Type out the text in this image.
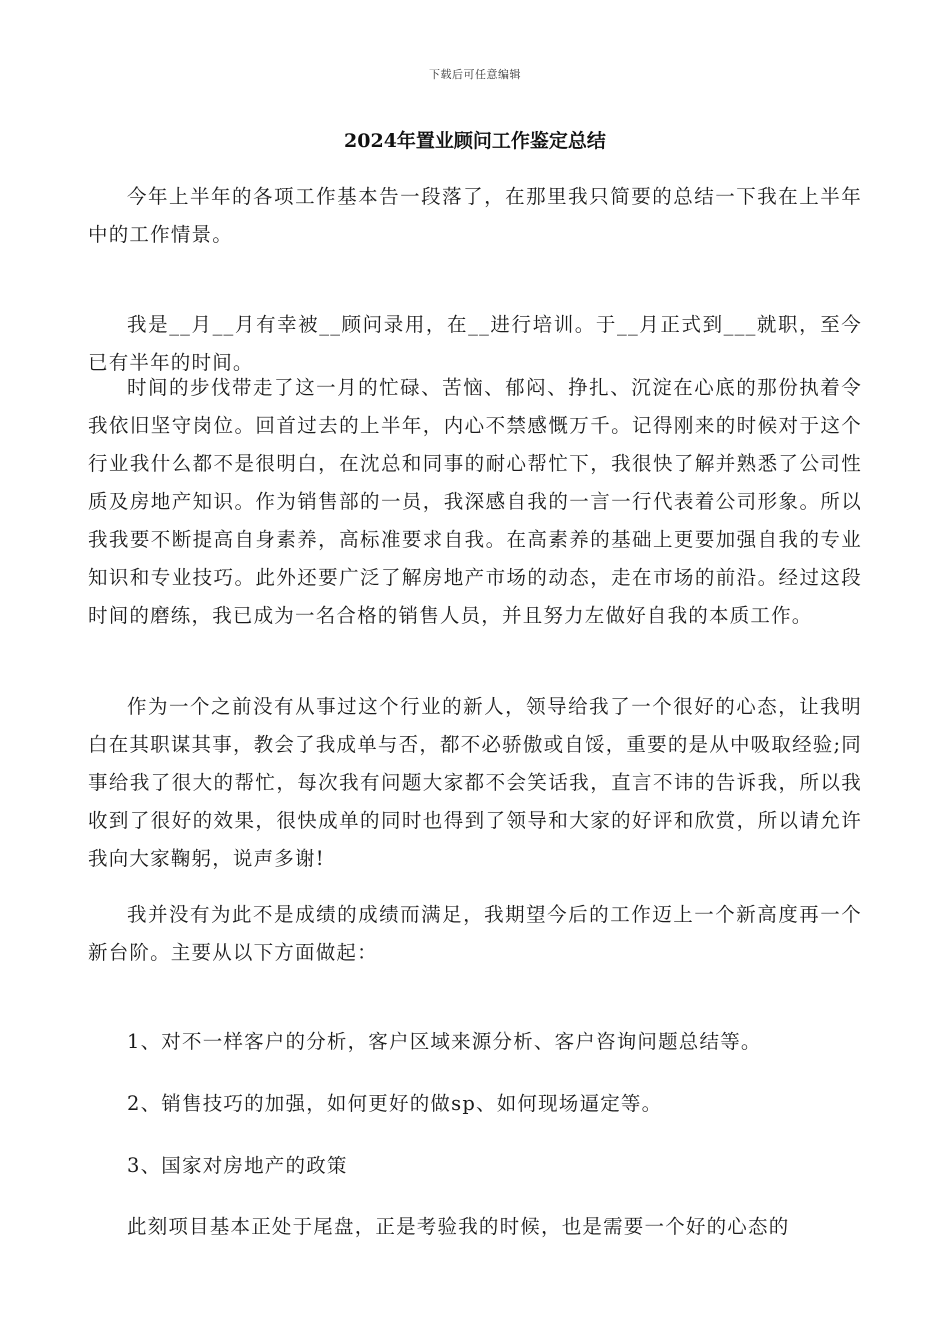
下载后可任意编辑
2024年置业顾问工作鉴定总结

今年上半年的各项工作基本告一段落了，在那里我只简要的总结一下我在上半年中的工作情景。

我是__月__月有幸被__顾问录用，在__进行培训。于__月正式到___就职，至今已有半年的时间。

时间的步伐带走了这一月的忙碌、苦恼、郁闷、挣扎、沉淀在心底的那份执着令我依旧坚守岗位。回首过去的上半年，内心不禁感慨万千。记得刚来的时候对于这个行业我什么都不是很明白，在沈总和同事的耐心帮忙下，我很快了解并熟悉了公司性质及房地产知识。作为销售部的一员，我深感自我的一言一行代表着公司形象。所以我我要不断提高自身素养，高标准要求自我。在高素养的基础上更要加强自我的专业知识和专业技巧。此外还要广泛了解房地产市场的动态，走在市场的前沿。经过这段时间的磨练，我已成为一名合格的销售人员，并且努力左做好自我的本质工作。

作为一个之前没有从事过这个行业的新人，领导给我了一个很好的心态，让我明白在其职谋其事，教会了我成单与否，都不必骄傲或自馁，重要的是从中吸取经验;同事给我了很大的帮忙，每次我有问题大家都不会笑话我，直言不讳的告诉我，所以我收到了很好的效果，很快成单的同时也得到了领导和大家的好评和欣赏，所以请允许我向大家鞠躬，说声多谢!

我并没有为此不是成绩的成绩而满足，我期望今后的工作迈上一个新高度再一个新台阶。主要从以下方面做起：

1、对不一样客户的分析，客户区域来源分析、客户咨询问题总结等。

2、销售技巧的加强，如何更好的做sp、如何现场逼定等。

3、国家对房地产的政策

此刻项目基本正处于尾盘，正是考验我的时候，也是需要一个好的心态的
